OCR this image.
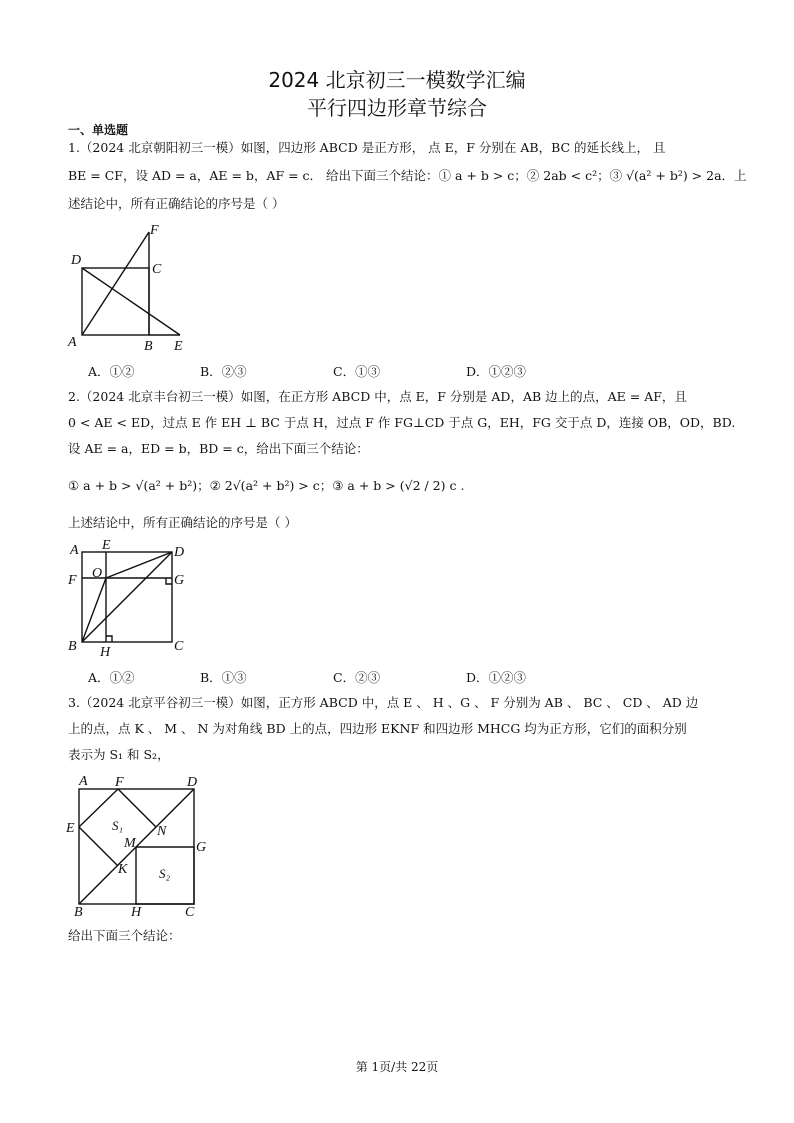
2024 北京初三一模数学汇编
平行四边形章节综合
一、单选题
1.（2024 北京朝阳初三一模）如图，四边形 ABCD 是正方形， 点 E，F 分别在 AB，BC 的延长线上， 且
BE = CF，设 AD = a，AE = b，AF = c． 给出下面三个结论：① a + b > c；② 2ab < c²；③ √(a² + b²) > 2a．上
述结论中，所有正确结论的序号是（ ）
D
C
F
A	B E
A．①②	B．②③	C．①③	D．①②③
2.（2024 北京丰台初三一模）如图，在正方形 ABCD 中，点 E，F 分别是 AD，AB 边上的点，AE = AF，且
0 < AE < ED，过点 E 作 EH ⊥ BC 于点 H，过点 F 作 FG⊥CD 于点 G，EH，FG 交于点 D，连接 OB，OD，BD.
设 AE = a，ED = b，BD = c，给出下面三个结论：
① a + b > √(a² + b²)；② 2√(a² + b²) > c；③ a + b > (√2 / 2) c .
上述结论中，所有正确结论的序号是（ ）
A E	D
F O	G
B H	C
A．①②	B．①③	C．②③	D．①②③
3.（2024 北京平谷初三一模）如图，正方形 ABCD 中，点 E 、 H 、G 、 F 分别为 AB 、 BC 、 CD 、 AD 边
上的点，点 K 、 M 、 N 为对角线 BD 上的点，四边形 EKNF 和四边形 MHCG 均为正方形，它们的面积分别
表示为 S₁ 和 S₂，
A F	D
E	S₁ N
M	G
K S₂
B	H	C
给出下面三个结论：
第 1页/共 22页
